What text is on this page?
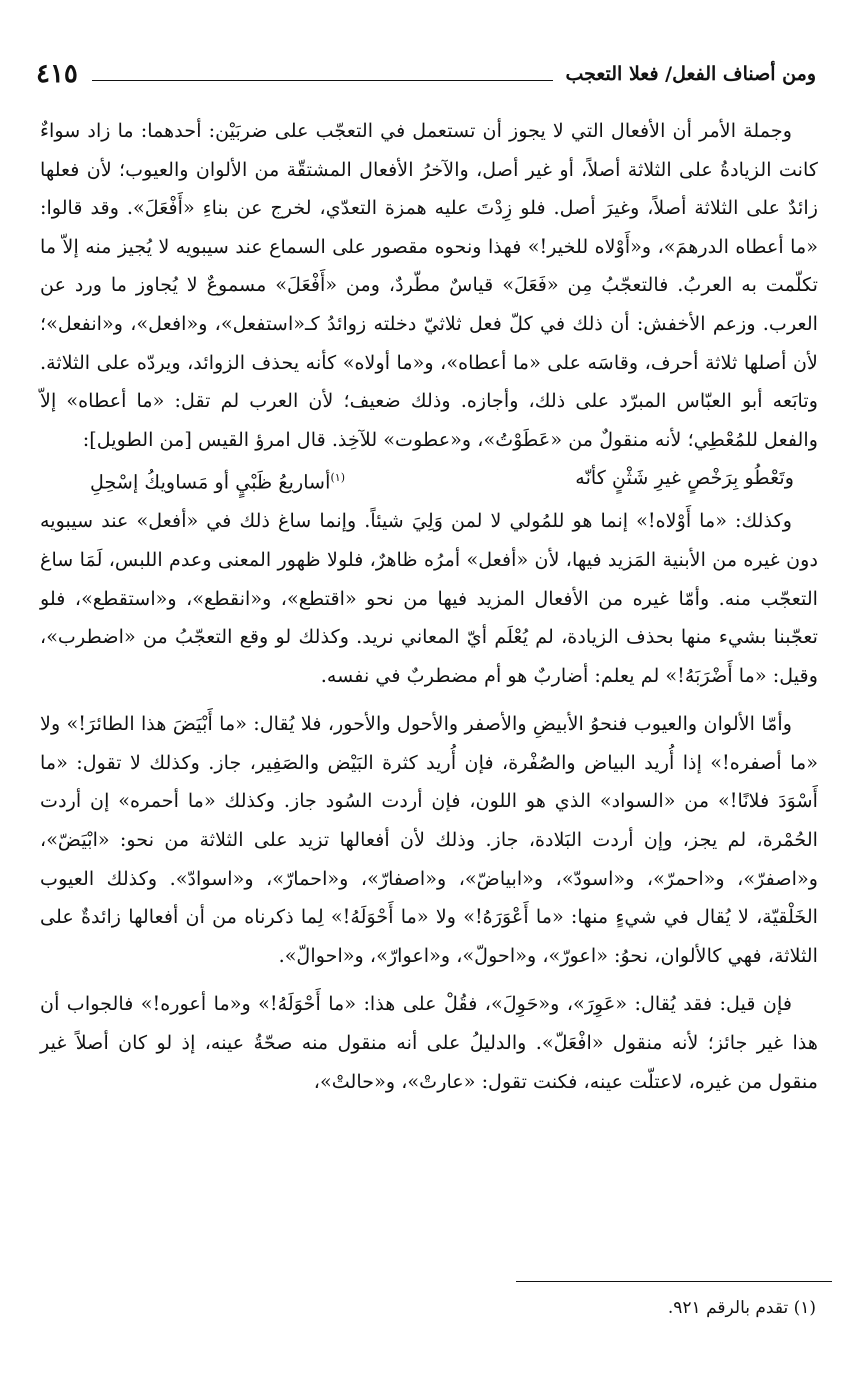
ومن أصناف الفعل/ فعلا التعجب
٤١٥

وجملة الأمر أن الأفعال التي لا يجوز أن تستعمل في التعجّب على ضربَيْن: أحدهما: ما زاد سواءٌ كانت الزيادةُ على الثلاثة أصلاً، أو غير أصل، والآخرُ الأفعال المشتقّة من الألوان والعيوب؛ لأن فعلها زائدٌ على الثلاثة أصلاً، وغيرَ أصل. فلو زِدْتَ عليه همزة التعدّي، لخرج عن بناءِ «أَفْعَلَ». وقد قالوا: «ما أعطاه الدرهمَ»، و«أَوْلاه للخير!» فهذا ونحوه مقصور على السماع عند سيبويه لا يُجيز منه إلاّ ما تكلّمت به العربُ. فالتعجّبُ مِن «فَعَلَ» قياسٌ مطّردٌ، ومن «أَفْعَلَ» مسموعٌ لا يُجاوز ما ورد عن العرب. وزعم الأخفش: أن ذلك في كلّ فعل ثلاثيّ دخلته زوائدُ كـ«استفعل»، و«افعل»، و«انفعل»؛ لأن أصلها ثلاثة أحرف، وقاسَه على «ما أعطاه»، و«ما أولاه» كأنه يحذف الزوائد، ويردّه على الثلاثة. وتابَعه أبو العبّاس المبرّد على ذلك، وأجازه. وذلك ضعيف؛ لأن العرب لم تقل: «ما أعطاه» إلاّ والفعل للمُعْطِي؛ لأنه منقولٌ من «عَطَوْتُ»، و«عطوت» للآخِذ. قال امرؤ القيس [من الطويل]:

وتَعْطُو بِرَخْصٍ غيرِ شَثْنٍ كأنّه
$^{(١)}$أساريعُ ظَبْيٍ أو مَساويكُ إسْحِلِ

وكذلك: «ما أَوْلاه!» إنما هو للمُولي لا لمن وَلِيَ شيئاً. وإنما ساغ ذلك في «أفعل» عند سيبويه دون غيره من الأبنية المَزيد فيها، لأن «أفعل» أمرُه ظاهرٌ، فلولا ظهور المعنى وعدم اللبس، لَمَا ساغ التعجّب منه. وأمّا غيره من الأفعال المزيد فيها من نحو «اقتطع»، و«انقطع»، و«استقطع»، فلو تعجّبنا بشيء منها بحذف الزيادة، لم يُعْلَم أيّ المعاني نريد. وكذلك لو وقع التعجّبُ من «اضطرب»، وقيل: «ما أَضْرَبَهُ!» لم يعلم: أضاربٌ هو أم مضطربٌ في نفسه.

وأمّا الألوان والعيوب فنحوُ الأبيضِ والأصفر والأحول والأحور، فلا يُقال: «ما أَبْيَضَ هذا الطائرَ!» ولا «ما أصفره!» إذا أُريد البياض والصُفْرة، فإن أُريد كثرة البَيْض والصَفِير، جاز. وكذلك لا تقول: «ما أَسْوَدَ فلانًا!» من «السواد» الذي هو اللون، فإن أردت السُود جاز. وكذلك «ما أحمره» إن أردت الحُمْرة، لم يجز، وإن أردت البَلادة، جاز. وذلك لأن أفعالها تزيد على الثلاثة من نحو: «ابْيَضّ»، و«اصفرّ»، و«احمرّ»، و«اسودّ»، و«ابياضّ»، و«اصفارّ»، و«احمارّ»، و«اسوادّ». وكذلك العيوب الخَلْقيّة، لا يُقال في شيءٍ منها: «ما أَعْوَرَهُ!» ولا «ما أَحْوَلَهُ!» لِما ذكرناه من أن أفعالها زائدةٌ على الثلاثة، فهي كالألوان، نحوُ: «اعورّ»، و«احولّ»، و«اعوارّ»، و«احوالّ».

فإن قيل: فقد يُقال: «عَوِرَ»، و«حَوِلَ»، فقُلْ على هذا: «ما أَحْوَلَهُ!» و«ما أعوره!» فالجواب أن هذا غير جائز؛ لأنه منقول «افْعَلّ». والدليلُ على أنه منقول منه صحّةُ عينه، إذ لو كان أصلاً غير منقول من غيره، لاعتلّت عينه، فكنت تقول: «عارتْ»، و«حالتْ»،

(١) تقدم بالرقم ٩٢١.
